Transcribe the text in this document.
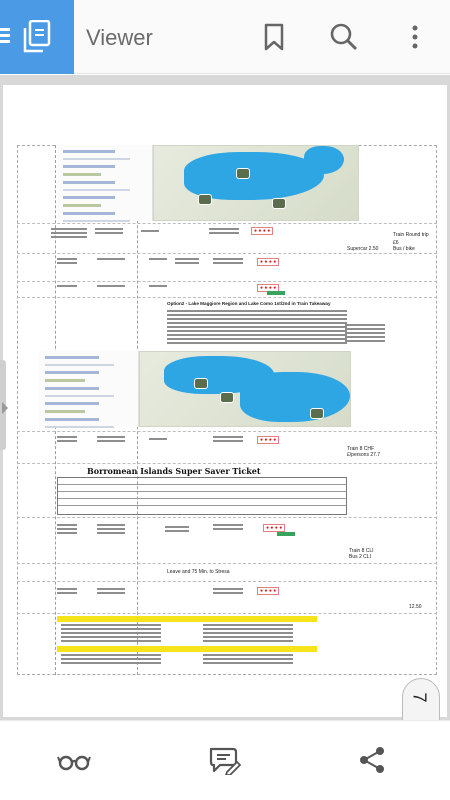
Viewer
● ● ● ●
Train Round trip
£6
Supercar 2.50	Bus / bike
● ● ● ●
● ● ● ●
Option2 - Lake Maggiore Region and Lake Como 1st/2nd in Train Takeaway
● ● ● ●
Train 8 CHF
£/persons 27.7
Borromean Islands Super Saver Ticket
● ● ● ●
Train 8 CLI
Bus 2 CLI
Leave and 75 Min. to Stresa
● ● ● ●
12.50
7
